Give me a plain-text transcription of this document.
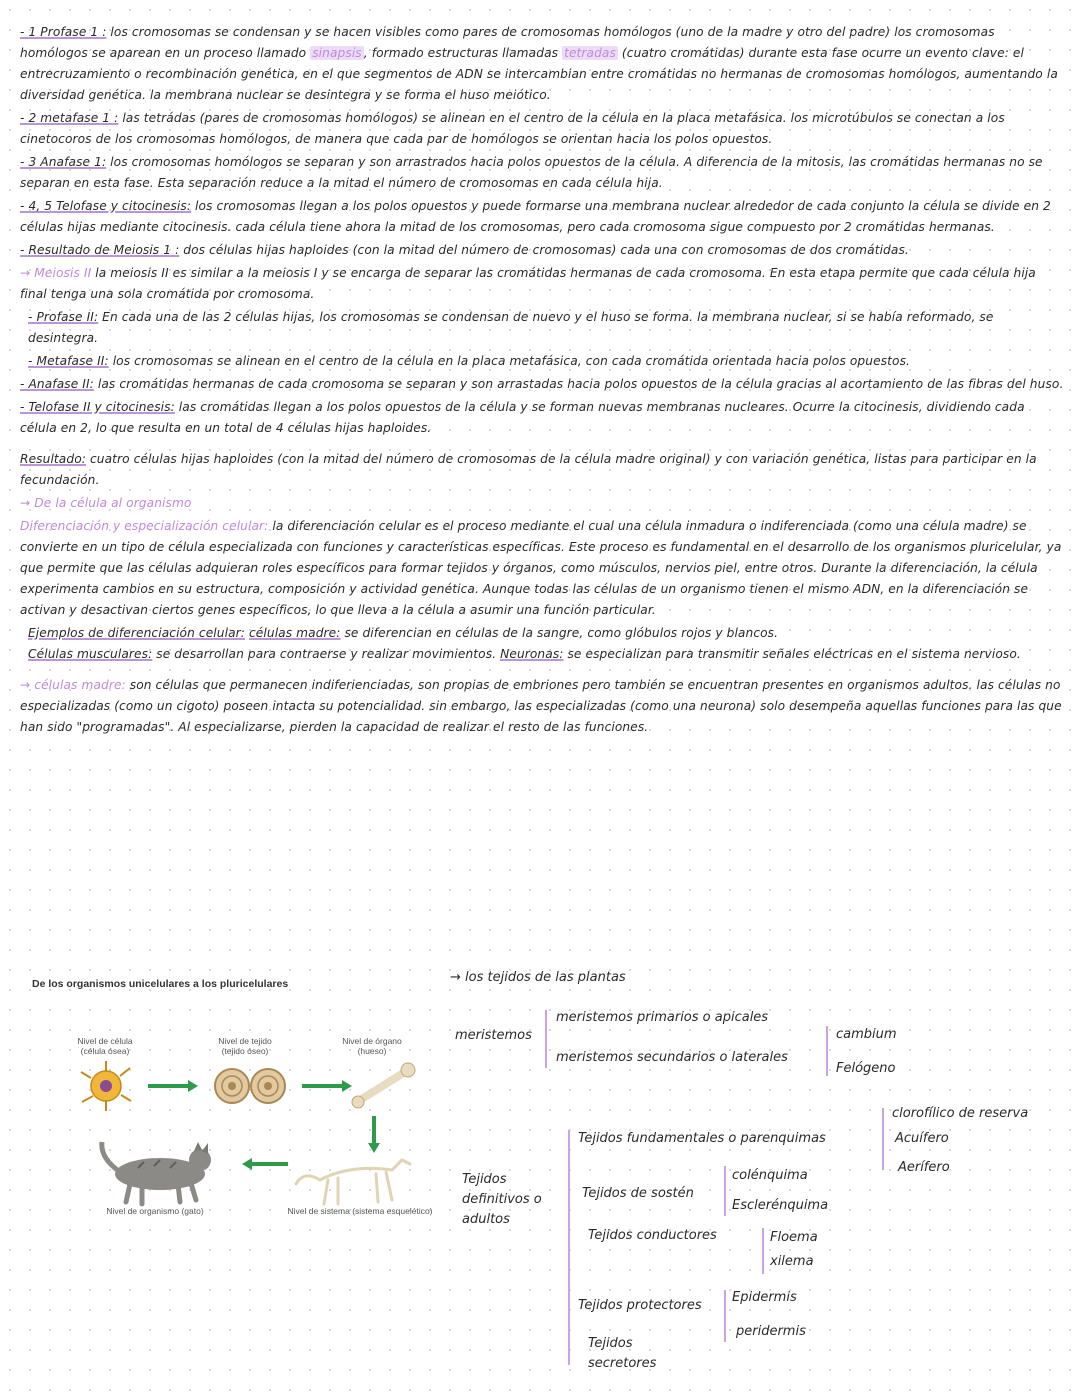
- 1 Profase 1 : los cromosomas se condensan y se hacen visibles como pares de cromosomas homólogos (uno de la madre y otro del padre) los cromosomas homólogos se aparean en un proceso llamado sinapsis , formado estructuras llamadas tetradas (cuatro cromátidas) durante esta fase ocurre un evento clave: el entrecruzamiento o recombinación genética, en el que segmentos de ADN se intercambian entre cromátidas no hermanas de cromosomas homólogos, aumentando la diversidad genética. la membrana nuclear se desintegra y se forma el huso meiótico.

- 2 metafase 1 : las tetrádas (pares de cromosomas homólogos) se alinean en el centro de la célula en la placa metafásica. los microtúbulos se conectan a los cinetocoros de los cromosomas homólogos, de manera que cada par de homólogos se orientan hacia los polos opuestos.

- 3 Anafase 1: los cromosomas homólogos se separan y son arrastrados hacia polos opuestos de la célula. A diferencia de la mitosis, las cromátidas hermanas no se separan en esta fase. Esta separación reduce a la mitad el número de cromosomas en cada célula hija.

- 4, 5 Telofase y citocinesis: los cromosomas llegan a los polos opuestos y puede formarse una membrana nuclear alrededor de cada conjunto la célula se divide en 2 células hijas mediante citocinesis. cada célula tiene ahora la mitad de los cromosomas, pero cada cromosoma sigue compuesto por 2 cromátidas hermanas.

- Resultado de Meiosis 1 : dos células hijas haploides (con la mitad del número de cromosomas) cada una con cromosomas de dos cromátidas.

→ Meiosis II la meiosis II es similar a la meiosis I y se encarga de separar las cromátidas hermanas de cada cromosoma. En esta etapa permite que cada célula hija final tenga una sola cromátida por cromosoma.

- Profase II: En cada una de las 2 células hijas, los cromosomas se condensan de nuevo y el huso se forma. la membrana nuclear, si se había reformado, se desintegra.

- Metafase II: los cromosomas se alinean en el centro de la célula en la placa metafásica, con cada cromátida orientada hacia polos opuestos.

- Anafase II: las cromátidas hermanas de cada cromosoma se separan y son arrastadas hacia polos opuestos de la célula gracias al acortamiento de las fibras del huso.

- Telofase II y citocinesis: las cromátidas llegan a los polos opuestos de la célula y se forman nuevas membranas nucleares. Ocurre la citocinesis, dividiendo cada célula en 2, lo que resulta en un total de 4 células hijas haploides.

Resultado: cuatro células hijas haploides (con la mitad del número de cromosomas de la célula madre original) y con variación genética, listas para participar en la fecundación.

→ De la célula al organismo

Diferenciación y especialización celular: la diferenciación celular es el proceso mediante el cual una célula inmadura o indiferenciada (como una célula madre) se convierte en un tipo de célula especializada con funciones y características específicas. Este proceso es fundamental en el desarrollo de los organismos pluricelular, ya que permite que las células adquieran roles específicos para formar tejidos y órganos, como músculos, nervios piel, entre otros. Durante la diferenciación, la célula experimenta cambios en su estructura, composición y actividad genética. Aunque todas las células de un organismo tienen el mismo ADN, en la diferenciación se activan y desactivan ciertos genes específicos, lo que lleva a la célula a asumir una función particular.

Ejemplos de diferenciación celular: células madre: se diferencian en células de la sangre, como glóbulos rojos y blancos.
Células musculares: se desarrollan para contraerse y realizar movimientos. Neuronas: se especializan para transmitir señales eléctricas en el sistema nervioso.

→ células madre: son células que permanecen indiferienciadas, son propias de embriones pero también se encuentran presentes en organismos adultos. las células no especializadas (como un cigoto) poseen intacta su potencialidad. sin embargo, las especializadas (como una neurona) solo desempeña aquellas funciones para las que han sido "programadas". Al especializarse, pierden la capacidad de realizar el resto de las funciones.

De los organismos unicelulares a los pluricelulares
Nivel de célula
(célula ósea)
Nivel de tejido
(tejido óseo)
Nivel de órgano
(hueso)
Nivel de organismo (gato)	Nivel de sistema (sistema esquelético)
→ los tejidos de las plantas
meristemos
meristemos primarios o apicales
meristemos secundarios o laterales
cambium
Felógeno
Tejidos
definitivos o
adultos
Tejidos fundamentales o parenquimas
clorofílico de reserva
Acuífero
Aerífero
Tejidos de sostén
colénquima
Esclerénquima
Tejidos conductores	Floema
xilema
Tejidos protectores
Epidermis
peridermis
Tejidos
secretores
